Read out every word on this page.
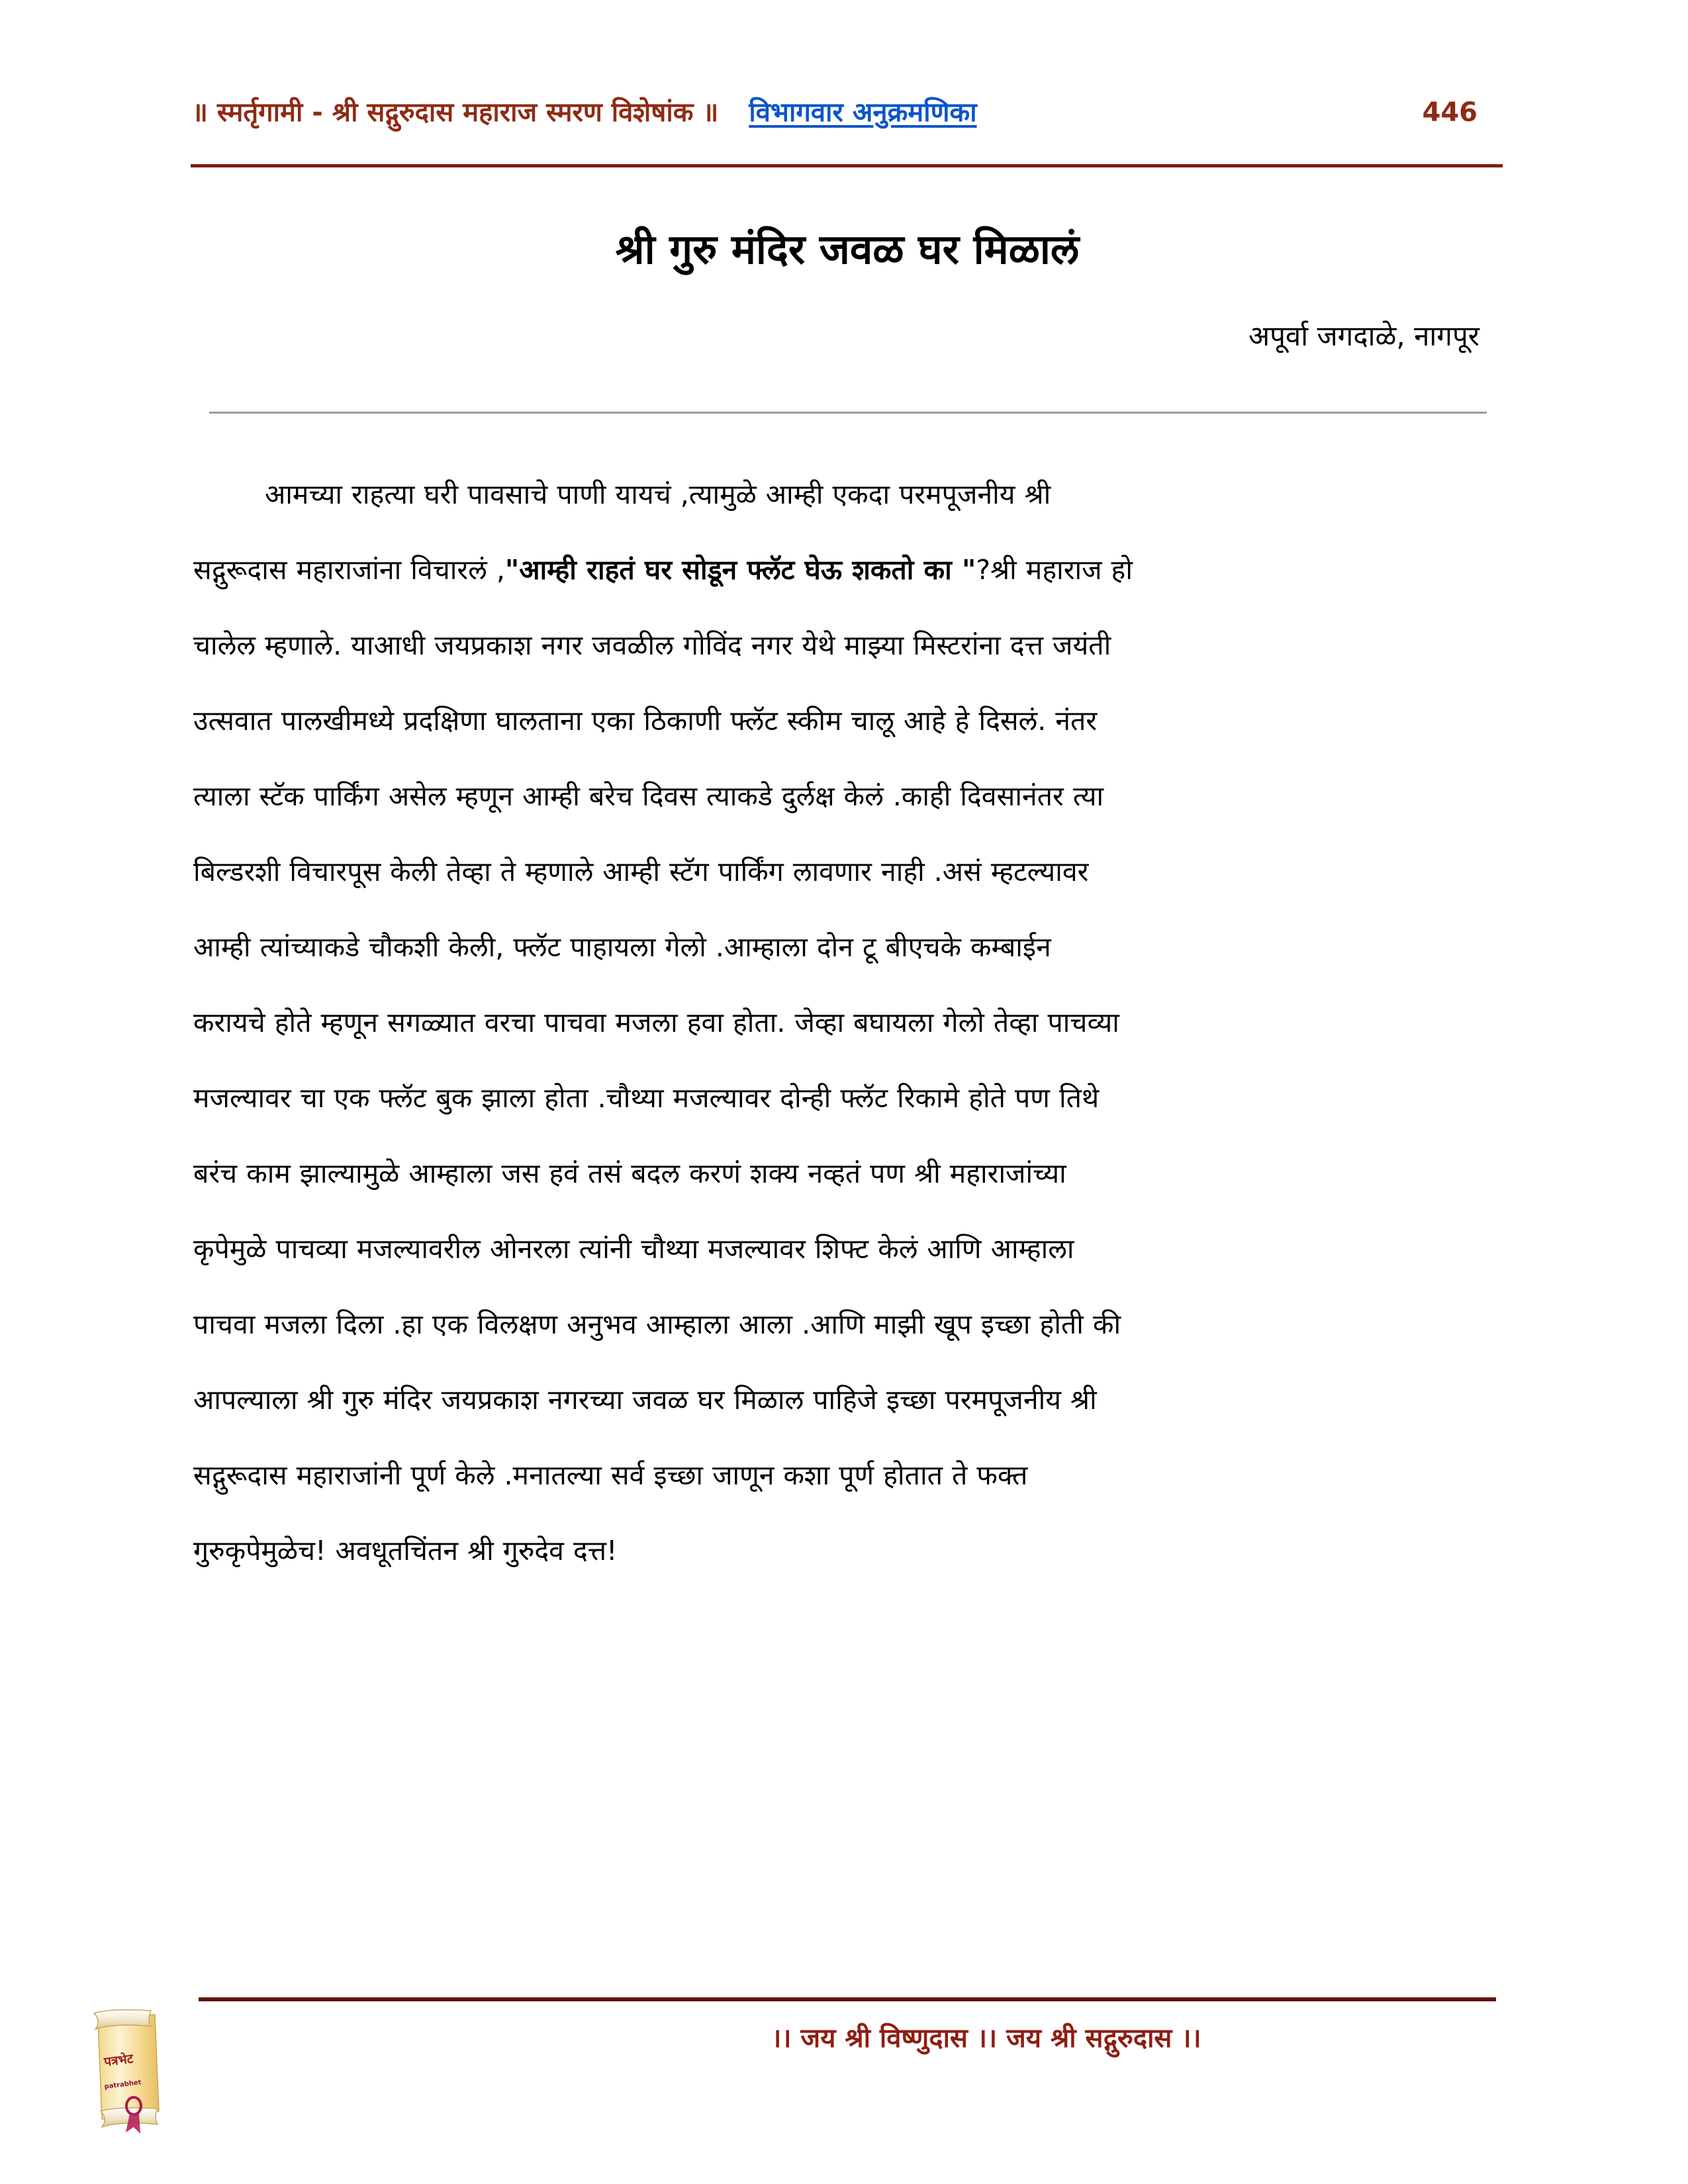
॥ स्मर्तृगामी - श्री सद्गुरुदास महाराज स्मरण विशेषांक ॥ विभागवार अनुक्रमणिका	446
श्री गुरु मंदिर जवळ घर मिळालं
अपूर्वा जगदाळे, नागपूर
आमच्या राहत्या घरी पावसाचे पाणी यायचं ,त्यामुळे आम्ही एकदा परमपूजनीय श्री
सद्गुरूदास महाराजांना विचारलं ,"आम्ही राहतं घर सोडून फ्लॅट घेऊ शकतो का "?श्री महाराज हो
चालेल म्हणाले. याआधी जयप्रकाश नगर जवळील गोविंद नगर येथे माझ्या मिस्टरांना दत्त जयंती
उत्सवात पालखीमध्ये प्रदक्षिणा घालताना एका ठिकाणी फ्लॅट स्कीम चालू आहे हे दिसलं. नंतर
त्याला स्टॅक पार्किंग असेल म्हणून आम्ही बरेच दिवस त्याकडे दुर्लक्ष केलं .काही दिवसानंतर त्या
बिल्डरशी विचारपूस केली तेव्हा ते म्हणाले आम्ही स्टॅग पार्किंग लावणार नाही .असं म्हटल्यावर
आम्ही त्यांच्याकडे चौकशी केली, फ्लॅट पाहायला गेलो .आम्हाला दोन टू बीएचके कम्बाईन
करायचे होते म्हणून सगळ्यात वरचा पाचवा मजला हवा होता. जेव्हा बघायला गेलो तेव्हा पाचव्या
मजल्यावर चा एक फ्लॅट बुक झाला होता .चौथ्या मजल्यावर दोन्ही फ्लॅट रिकामे होते पण तिथे
बरंच काम झाल्यामुळे आम्हाला जस हवं तसं बदल करणं शक्य नव्हतं पण श्री महाराजांच्या
कृपेमुळे पाचव्या मजल्यावरील ओनरला त्यांनी चौथ्या मजल्यावर शिफ्ट केलं आणि आम्हाला
पाचवा मजला दिला .हा एक विलक्षण अनुभव आम्हाला आला .आणि माझी खूप इच्छा होती की
आपल्याला श्री गुरु मंदिर जयप्रकाश नगरच्या जवळ घर मिळाल पाहिजे इच्छा परमपूजनीय श्री
सद्गुरूदास महाराजांनी पूर्ण केले .मनातल्या सर्व इच्छा जाणून कशा पूर्ण होतात ते फक्त
गुरुकृपेमुळेच! अवधूतचिंतन श्री गुरुदेव दत्त!
।। जय श्री विष्णुदास ।। जय श्री सद्गुरुदास ।।
पत्रभेट
patrabhet
